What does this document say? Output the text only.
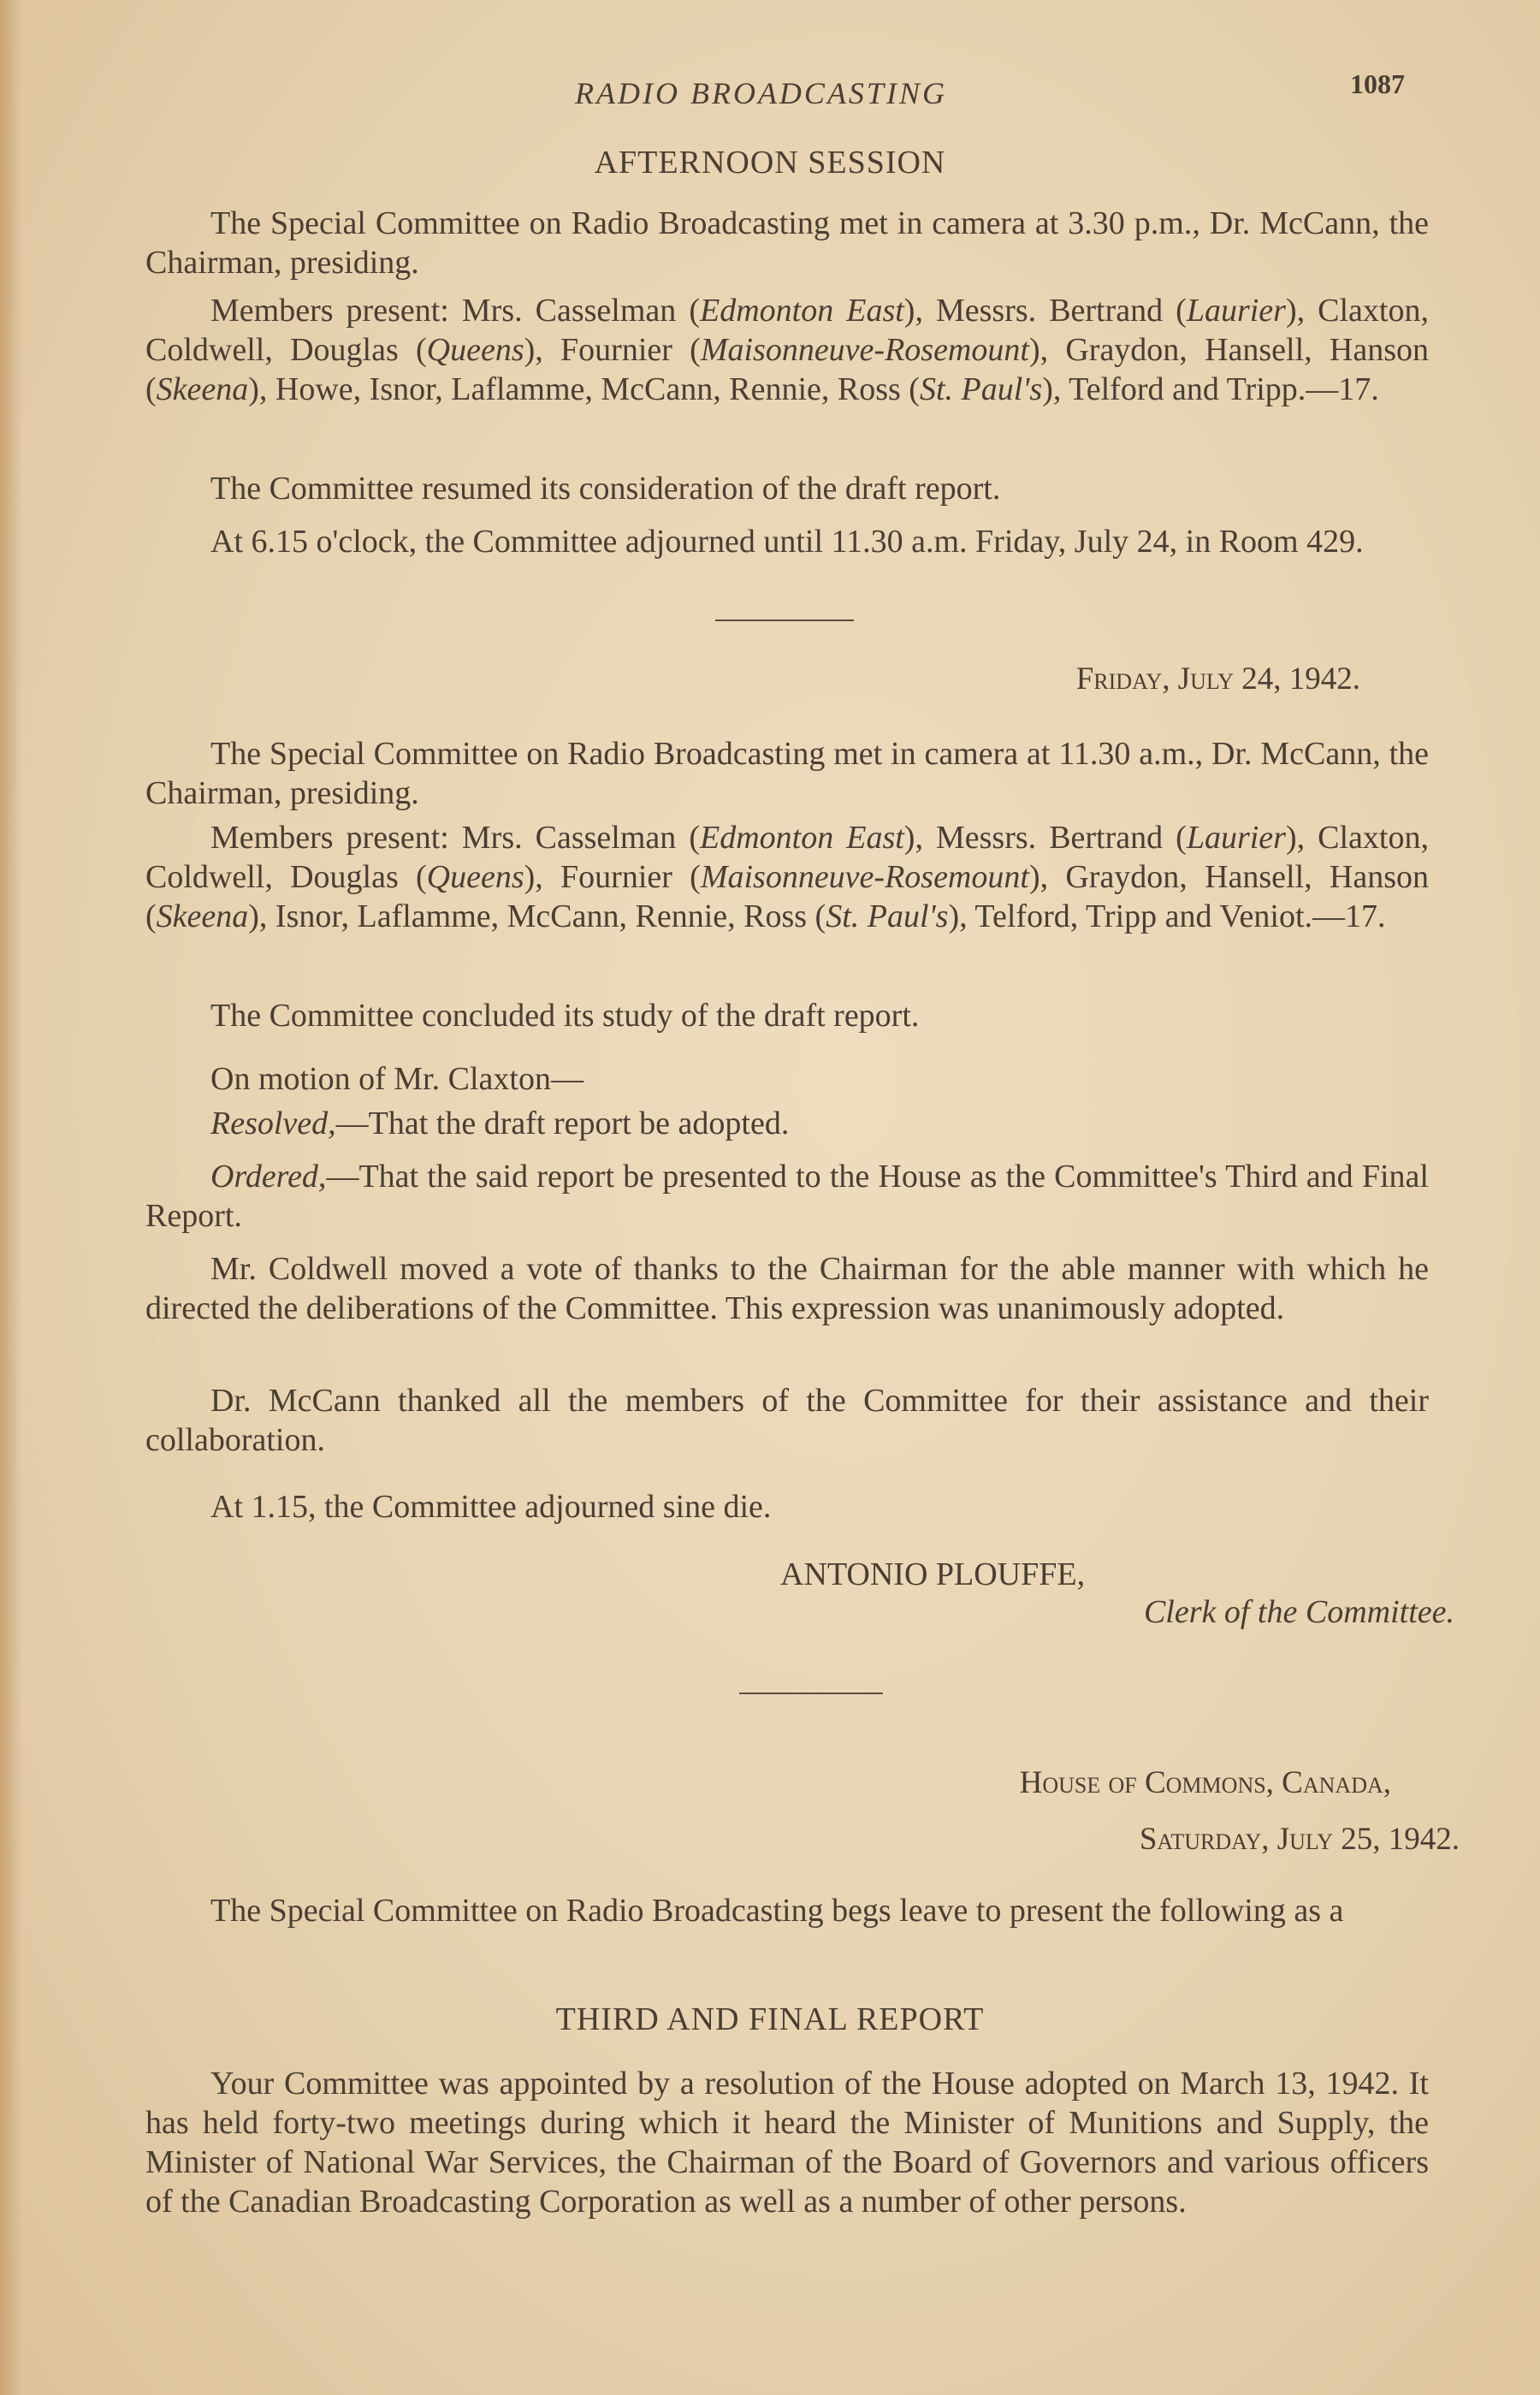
RADIO BROADCASTING	1087
AFTERNOON SESSION

The Special Committee on Radio Broadcasting met in camera at 3.30 p.m., Dr. McCann, the Chairman, presiding.

Members present: Mrs. Casselman (Edmonton East), Messrs. Bertrand (Laurier), Claxton, Coldwell, Douglas (Queens), Fournier (Maisonneuve-Rosemount), Graydon, Hansell, Hanson (Skeena), Howe, Isnor, Laflamme, McCann, Rennie, Ross (St. Paul's), Telford and Tripp.—17.

The Committee resumed its consideration of the draft report.

At 6.15 o'clock, the Committee adjourned until 11.30 a.m. Friday, July 24, in Room 429.

Friday, July 24, 1942.

The Special Committee on Radio Broadcasting met in camera at 11.30 a.m., Dr. McCann, the Chairman, presiding.

Members present: Mrs. Casselman (Edmonton East), Messrs. Bertrand (Laurier), Claxton, Coldwell, Douglas (Queens), Fournier (Maisonneuve-Rosemount), Graydon, Hansell, Hanson (Skeena), Isnor, Laflamme, McCann, Rennie, Ross (St. Paul's), Telford, Tripp and Veniot.—17.

The Committee concluded its study of the draft report.

On motion of Mr. Claxton—

Resolved,—That the draft report be adopted.

Ordered,—That the said report be presented to the House as the Committee's Third and Final Report.

Mr. Coldwell moved a vote of thanks to the Chairman for the able manner with which he directed the deliberations of the Committee. This expression was unanimously adopted.

Dr. McCann thanked all the members of the Committee for their assistance and their collaboration.

At 1.15, the Committee adjourned sine die.

ANTONIO PLOUFFE,
Clerk of the Committee.
House of Commons, Canada,
Saturday, July 25, 1942.

The Special Committee on Radio Broadcasting begs leave to present the following as a

THIRD AND FINAL REPORT

Your Committee was appointed by a resolution of the House adopted on March 13, 1942. It has held forty-two meetings during which it heard the Minister of Munitions and Supply, the Minister of National War Services, the Chairman of the Board of Governors and various officers of the Canadian Broadcasting Corporation as well as a number of other persons.
